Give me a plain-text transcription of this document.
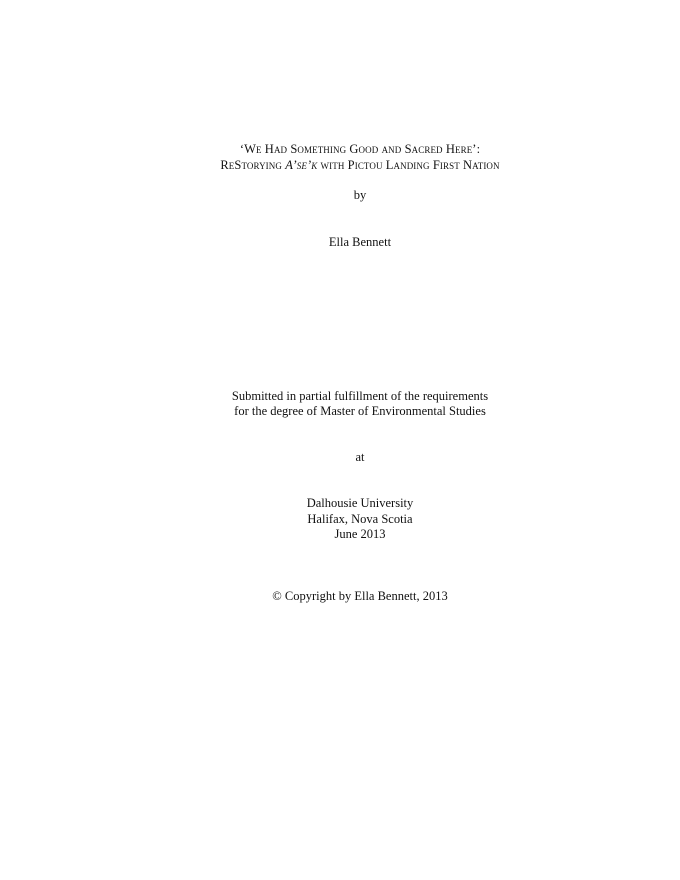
‘We Had Something Good and Sacred Here’:
ReStorying A’se’k with Pictou Landing First Nation
by
Ella Bennett
Submitted in partial fulfillment of the requirements
for the degree of Master of Environmental Studies
at
Dalhousie University
Halifax, Nova Scotia
June 2013
© Copyright by Ella Bennett, 2013
